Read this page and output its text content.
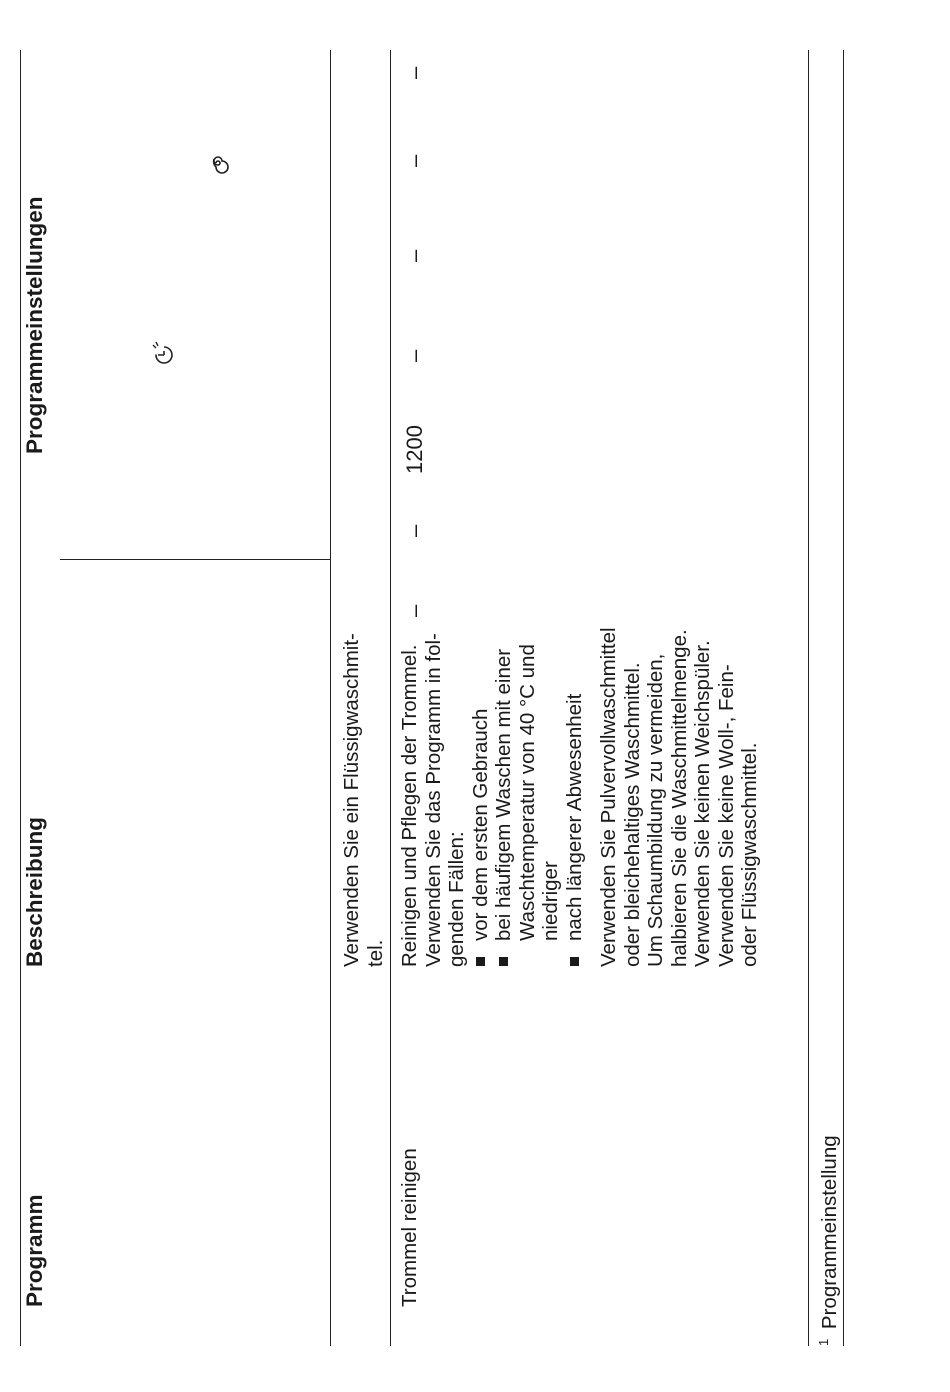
Programm
Beschreibung
Programmeinstellungen
Verwenden Sie ein Flüssigwaschmit- tel.
Trommel reinigen
Reinigen und Pflegen der Trommel. Verwenden Sie das Programm in fol- genden Fällen: vor dem ersten Gebrauch bei häufigem Waschen mit einer Waschtemperatur von 40 °C und niedriger nach längerer Abwesenheit Verwenden Sie Pulvervollwaschmittel oder bleichehaltiges Waschmittel. Um Schaumbildung zu vermeiden, halbieren Sie die Waschmittelmenge. Verwenden Sie keinen Weichspüler. Verwenden Sie keine Woll-, Fein- oder Flüssigwaschmittel.
–
–
1200
–
–
–
–
$^1$ Programmeinstellung
